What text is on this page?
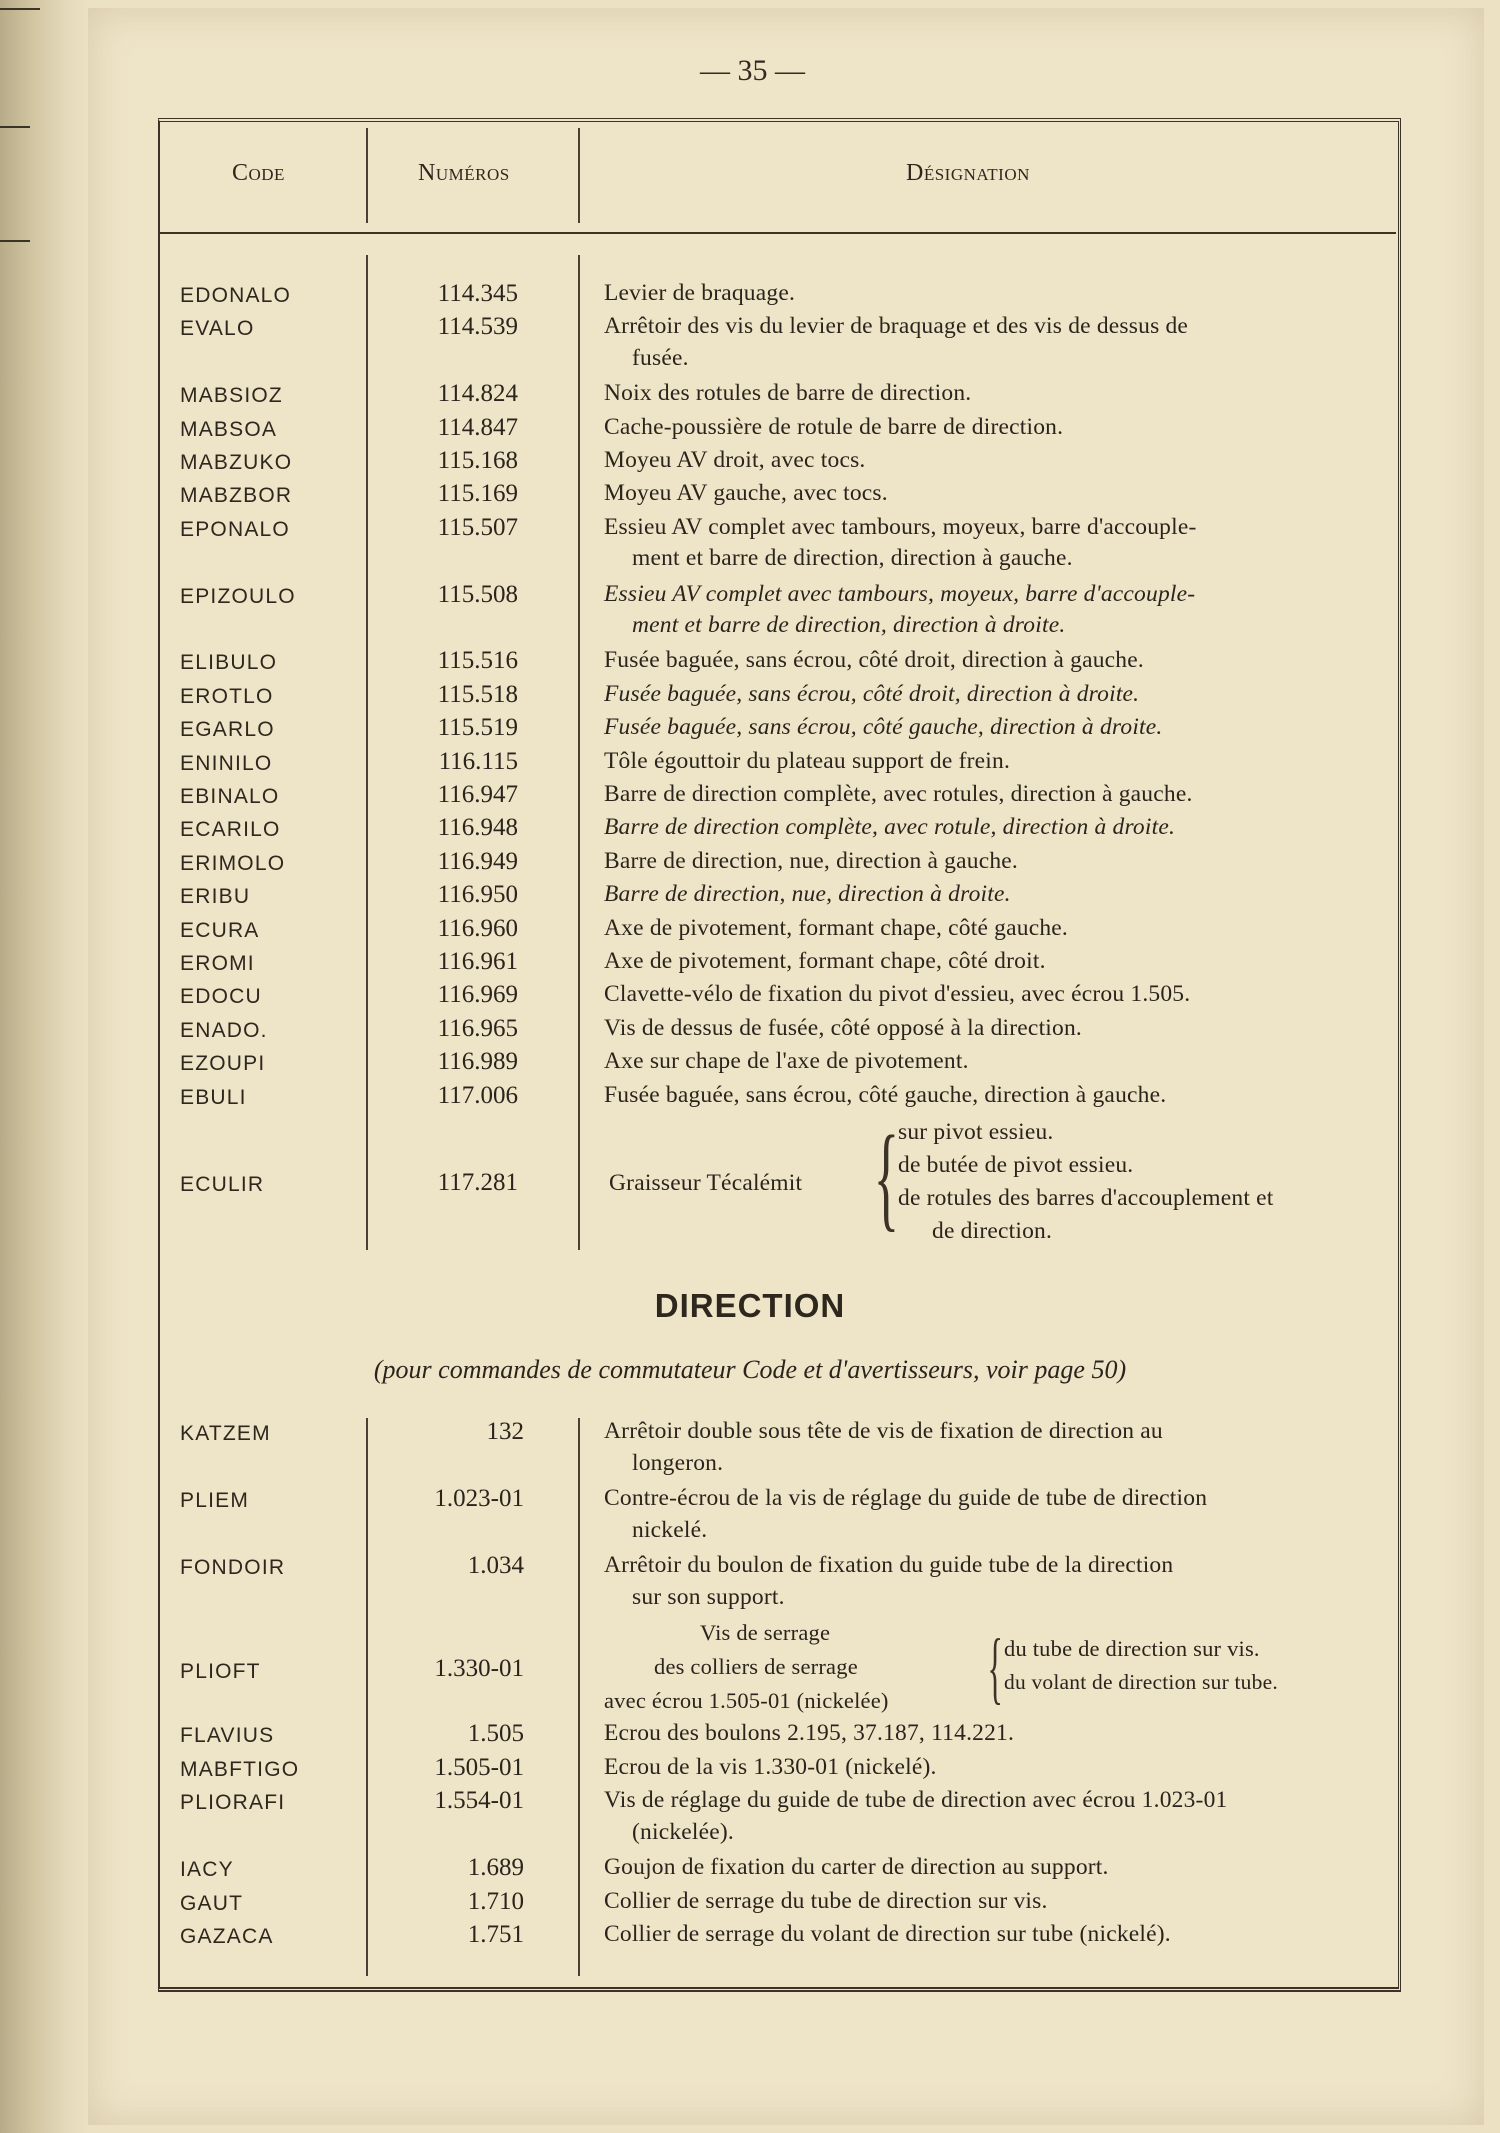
— 35 —
Code	Numéros	Désignation
EDONALO	114.345	Levier de braquage.
EVALO	114.539	Arrêtoir des vis du levier de braquage et des vis de dessus de
fusée.
MABSIOZ	114.824	Noix des rotules de barre de direction.
MABSOA	114.847	Cache-poussière de rotule de barre de direction.
MABZUKO	115.168	Moyeu AV droit, avec tocs.
MABZBOR	115.169	Moyeu AV gauche, avec tocs.
EPONALO	115.507	Essieu AV complet avec tambours, moyeux, barre d'accouple-
ment et barre de direction, direction à gauche.
EPIZOULO	115.508	Essieu AV complet avec tambours, moyeux, barre d'accouple-
ment et barre de direction, direction à droite.
ELIBULO	115.516	Fusée baguée, sans écrou, côté droit, direction à gauche.
EROTLO	115.518	Fusée baguée, sans écrou, côté droit, direction à droite.
EGARLO	115.519	Fusée baguée, sans écrou, côté gauche, direction à droite.
ENINILO	116.115	Tôle égouttoir du plateau support de frein.
EBINALO	116.947	Barre de direction complète, avec rotules, direction à gauche.
ECARILO	116.948	Barre de direction complète, avec rotule, direction à droite.
ERIMOLO	116.949	Barre de direction, nue, direction à gauche.
ERIBU	116.950	Barre de direction, nue, direction à droite.
ECURA	116.960	Axe de pivotement, formant chape, côté gauche.
EROMI	116.961	Axe de pivotement, formant chape, côté droit.
EDOCU	116.969	Clavette-vélo de fixation du pivot d'essieu, avec écrou 1.505.
ENADO.	116.965	Vis de dessus de fusée, côté opposé à la direction.
EZOUPI	116.989	Axe sur chape de l'axe de pivotement.
EBULI	117.006	Fusée baguée, sans écrou, côté gauche, direction à gauche.
ECULIR	117.281	Graisseur Técalémit {
sur pivot essieu.
de butée de pivot essieu.
de rotules des barres d'accouplement et
de direction.
DIRECTION
(pour commandes de commutateur Code et d'avertisseurs, voir page 50)
KATZEM	132	Arrêtoir double sous tête de vis de fixation de direction au
longeron.
PLIEM	1.023-01	Contre-écrou de la vis de réglage du guide de tube de direction
nickelé.
FONDOIR	1.034	Arrêtoir du boulon de fixation du guide tube de la direction
sur son support.
PLIOFT	1.330-01
Vis de serrage
des colliers de serrage
avec écrou 1.505-01 (nickelée) { du tube de direction sur vis.
du volant de direction sur tube.
FLAVIUS	1.505	Ecrou des boulons 2.195, 37.187, 114.221.
MABFTIGO	1.505-01	Ecrou de la vis 1.330-01 (nickelé).
PLIORAFI	1.554-01	Vis de réglage du guide de tube de direction avec écrou 1.023-01
(nickelée).
IACY	1.689	Goujon de fixation du carter de direction au support.
GAUT	1.710	Collier de serrage du tube de direction sur vis.
GAZACA	1.751	Collier de serrage du volant de direction sur tube (nickelé).
